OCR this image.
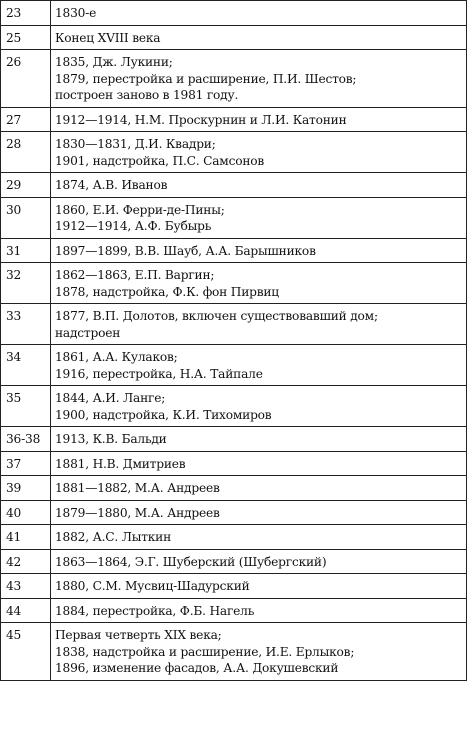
23	1830-е

25	Конец XVIII века

26	1835, Дж. Лукини;
1879, перестройка и расширение, П.И. Шестов;
построен заново в 1981 году.

27	1912—1914, Н.М. Проскурнин и Л.И. Катонин

28	1830—1831, Д.И. Квадри;
1901, надстройка, П.С. Самсонов

29	1874, А.В. Иванов

30	1860, Е.И. Ферри-де-Пины;
1912—1914, А.Ф. Бубырь

31	1897—1899, В.В. Шауб, А.А. Барышников

32	1862—1863, Е.П. Варгин;
1878, надстройка, Ф.К. фон Пирвиц

33	1877, В.П. Долотов, включен существовавший дом;
надстроен

34	1861, А.А. Кулаков;
1916, перестройка, Н.А. Тайпале

35	1844, А.И. Ланге;
1900, надстройка, К.И. Тихомиров

36-38	1913, К.В. Бальди

37	1881, Н.В. Дмитриев

39	1881—1882, М.А. Андреев

40	1879—1880, М.А. Андреев

41	1882, А.С. Лыткин

42	1863—1864, Э.Г. Шуберский (Шубергский)

43	1880, С.М. Мусвиц-Шадурский

44	1884, перестройка, Ф.Б. Нагель

45	Первая четверть XIX века;
1838, надстройка и расширение, И.Е. Ерлыков;
1896, изменение фасадов, А.А. Докушевский
